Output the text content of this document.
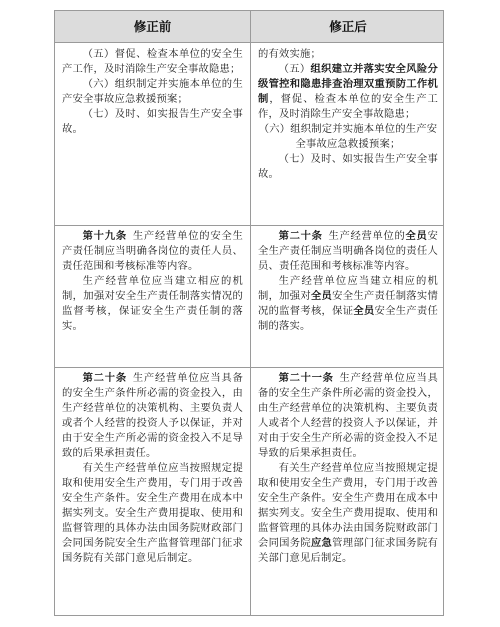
修正前	修正后

（五）督促、检查本单位的安全生产工作，及时消除生产安全事故隐患；

（六）组织制定并实施本单位的生产安全事故应急救援预案；

（七）及时、如实报告生产安全事故。

的有效实施；

（五）组织建立并落实安全风险分级管控和隐患排查治理双重预防工作机制，督促、检查本单位的安全生产工作，及时消除生产安全事故隐患；

（六）组织制定并实施本单位的生产安全事故应急救援预案；

（七）及时、如实报告生产安全事故。

第十九条  生产经营单位的安全生产责任制应当明确各岗位的责任人员、责任范围和考核标准等内容。

生产经营单位应当建立相应的机制，加强对安全生产责任制落实情况的监督考核，保证安全生产责任制的落实。

第二十条  生产经营单位的全员安全生产责任制应当明确各岗位的责任人员、责任范围和考核标准等内容。

生产经营单位应当建立相应的机制，加强对全员安全生产责任制落实情况的监督考核，保证全员安全生产责任制的落实。

第二十条  生产经营单位应当具备的安全生产条件所必需的资金投入，由生产经营单位的决策机构、主要负责人或者个人经营的投资人予以保证，并对由于安全生产所必需的资金投入不足导致的后果承担责任。

有关生产经营单位应当按照规定提取和使用安全生产费用，专门用于改善安全生产条件。安全生产费用在成本中据实列支。安全生产费用提取、使用和监督管理的具体办法由国务院财政部门会同国务院安全生产监督管理部门征求国务院有关部门意见后制定。

第二十一条  生产经营单位应当具备的安全生产条件所必需的资金投入，由生产经营单位的决策机构、主要负责人或者个人经营的投资人予以保证，并对由于安全生产所必需的资金投入不足导致的后果承担责任。

有关生产经营单位应当按照规定提取和使用安全生产费用，专门用于改善安全生产条件。安全生产费用在成本中据实列支。安全生产费用提取、使用和监督管理的具体办法由国务院财政部门会同国务院应急管理部门征求国务院有关部门意见后制定。
